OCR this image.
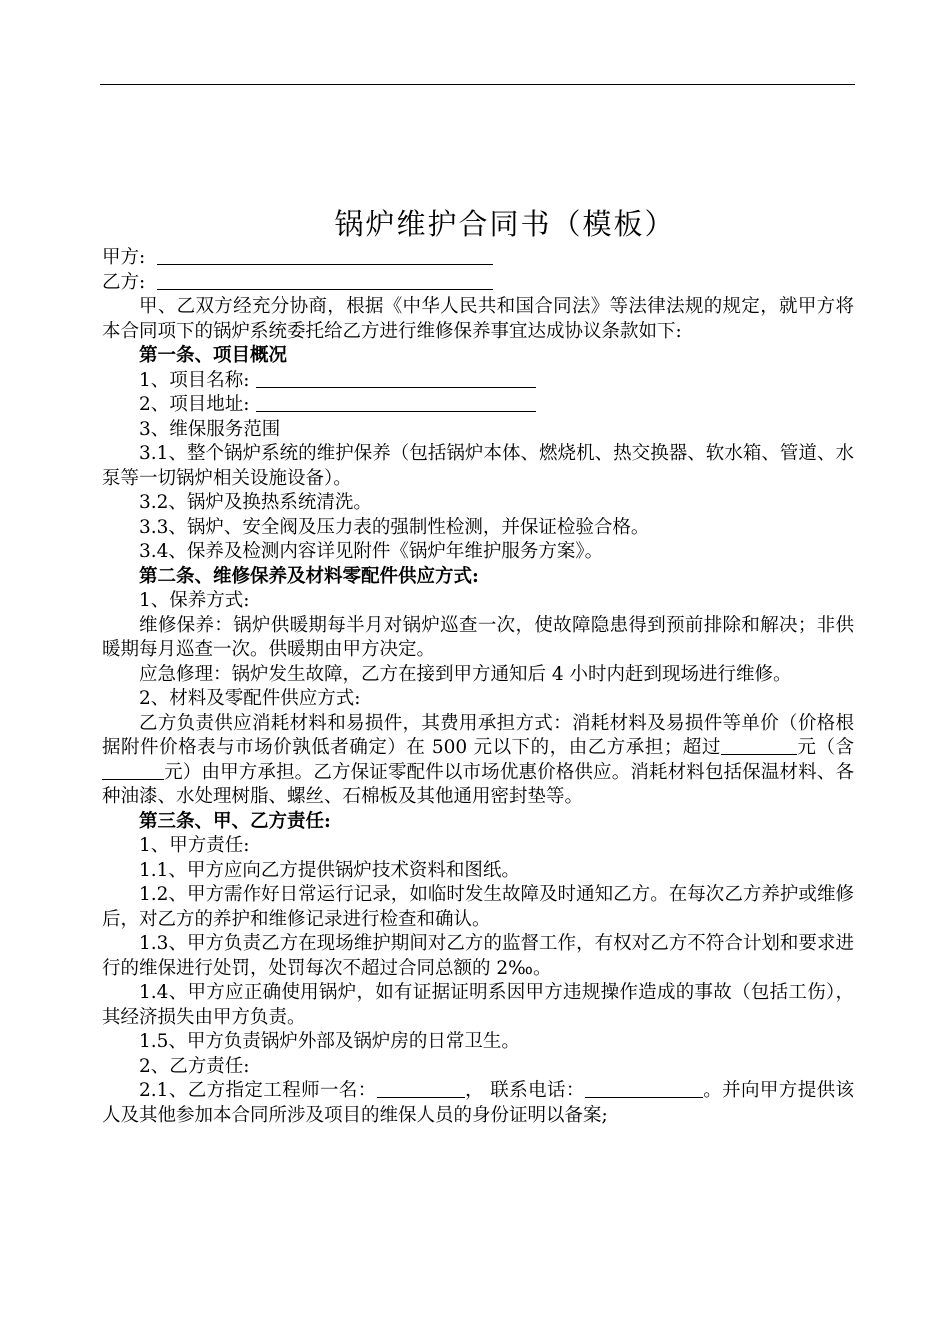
锅炉维护合同书（模板）

甲方:

乙方:

甲、乙双方经充分协商，根据《中华人民共和国合同法》等法律法规的规定，就甲方将本合同项下的锅炉系统委托给乙方进行维修保养事宜达成协议条款如下:

第一条、项目概况

1、项目名称:

2、项目地址:

3、维保服务范围

3.1、整个锅炉系统的维护保养（包括锅炉本体、燃烧机、热交换器、软水箱、管道、水泵等一切锅炉相关设施设备）。

3.2、锅炉及换热系统清洗。

3.3、锅炉、安全阀及压力表的强制性检测，并保证检验合格。

3.4、保养及检测内容详见附件《锅炉年维护服务方案》。

第二条、维修保养及材料零配件供应方式:

1、保养方式:

维修保养：锅炉供暖期每半月对锅炉巡查一次，使故障隐患得到预前排除和解决；非供暖期每月巡查一次。供暖期由甲方决定。

应急修理：锅炉发生故障，乙方在接到甲方通知后 4 小时内赶到现场进行维修。

2、材料及零配件供应方式:

乙方负责供应消耗材料和易损件，其费用承担方式：消耗材料及易损件等单价（价格根据附件价格表与市场价孰低者确定）在 500 元以下的，由乙方承担；超过	元（含元）由甲方承担。乙方保证零配件以市场优惠价格供应。消耗材料包括保温材料、各种油漆、水处理树脂、螺丝、石棉板及其他通用密封垫等。

第三条、甲、乙方责任:

1、甲方责任:

1.1、甲方应向乙方提供锅炉技术资料和图纸。

1.2、甲方需作好日常运行记录，如临时发生故障及时通知乙方。在每次乙方养护或维修后，对乙方的养护和维修记录进行检查和确认。

1.3、甲方负责乙方在现场维护期间对乙方的监督工作，有权对乙方不符合计划和要求进行的维保进行处罚，处罚每次不超过合同总额的 2‰。

1.4、甲方应正确使用锅炉，如有证据证明系因甲方违规操作造成的事故（包括工伤），其经济损失由甲方负责。

1.5、甲方负责锅炉外部及锅炉房的日常卫生。

2、乙方责任:

2.1、乙方指定工程师一名：	， 联系电话：	。并向甲方提供该人及其他参加本合同所涉及项目的维保人员的身份证明以备案;
